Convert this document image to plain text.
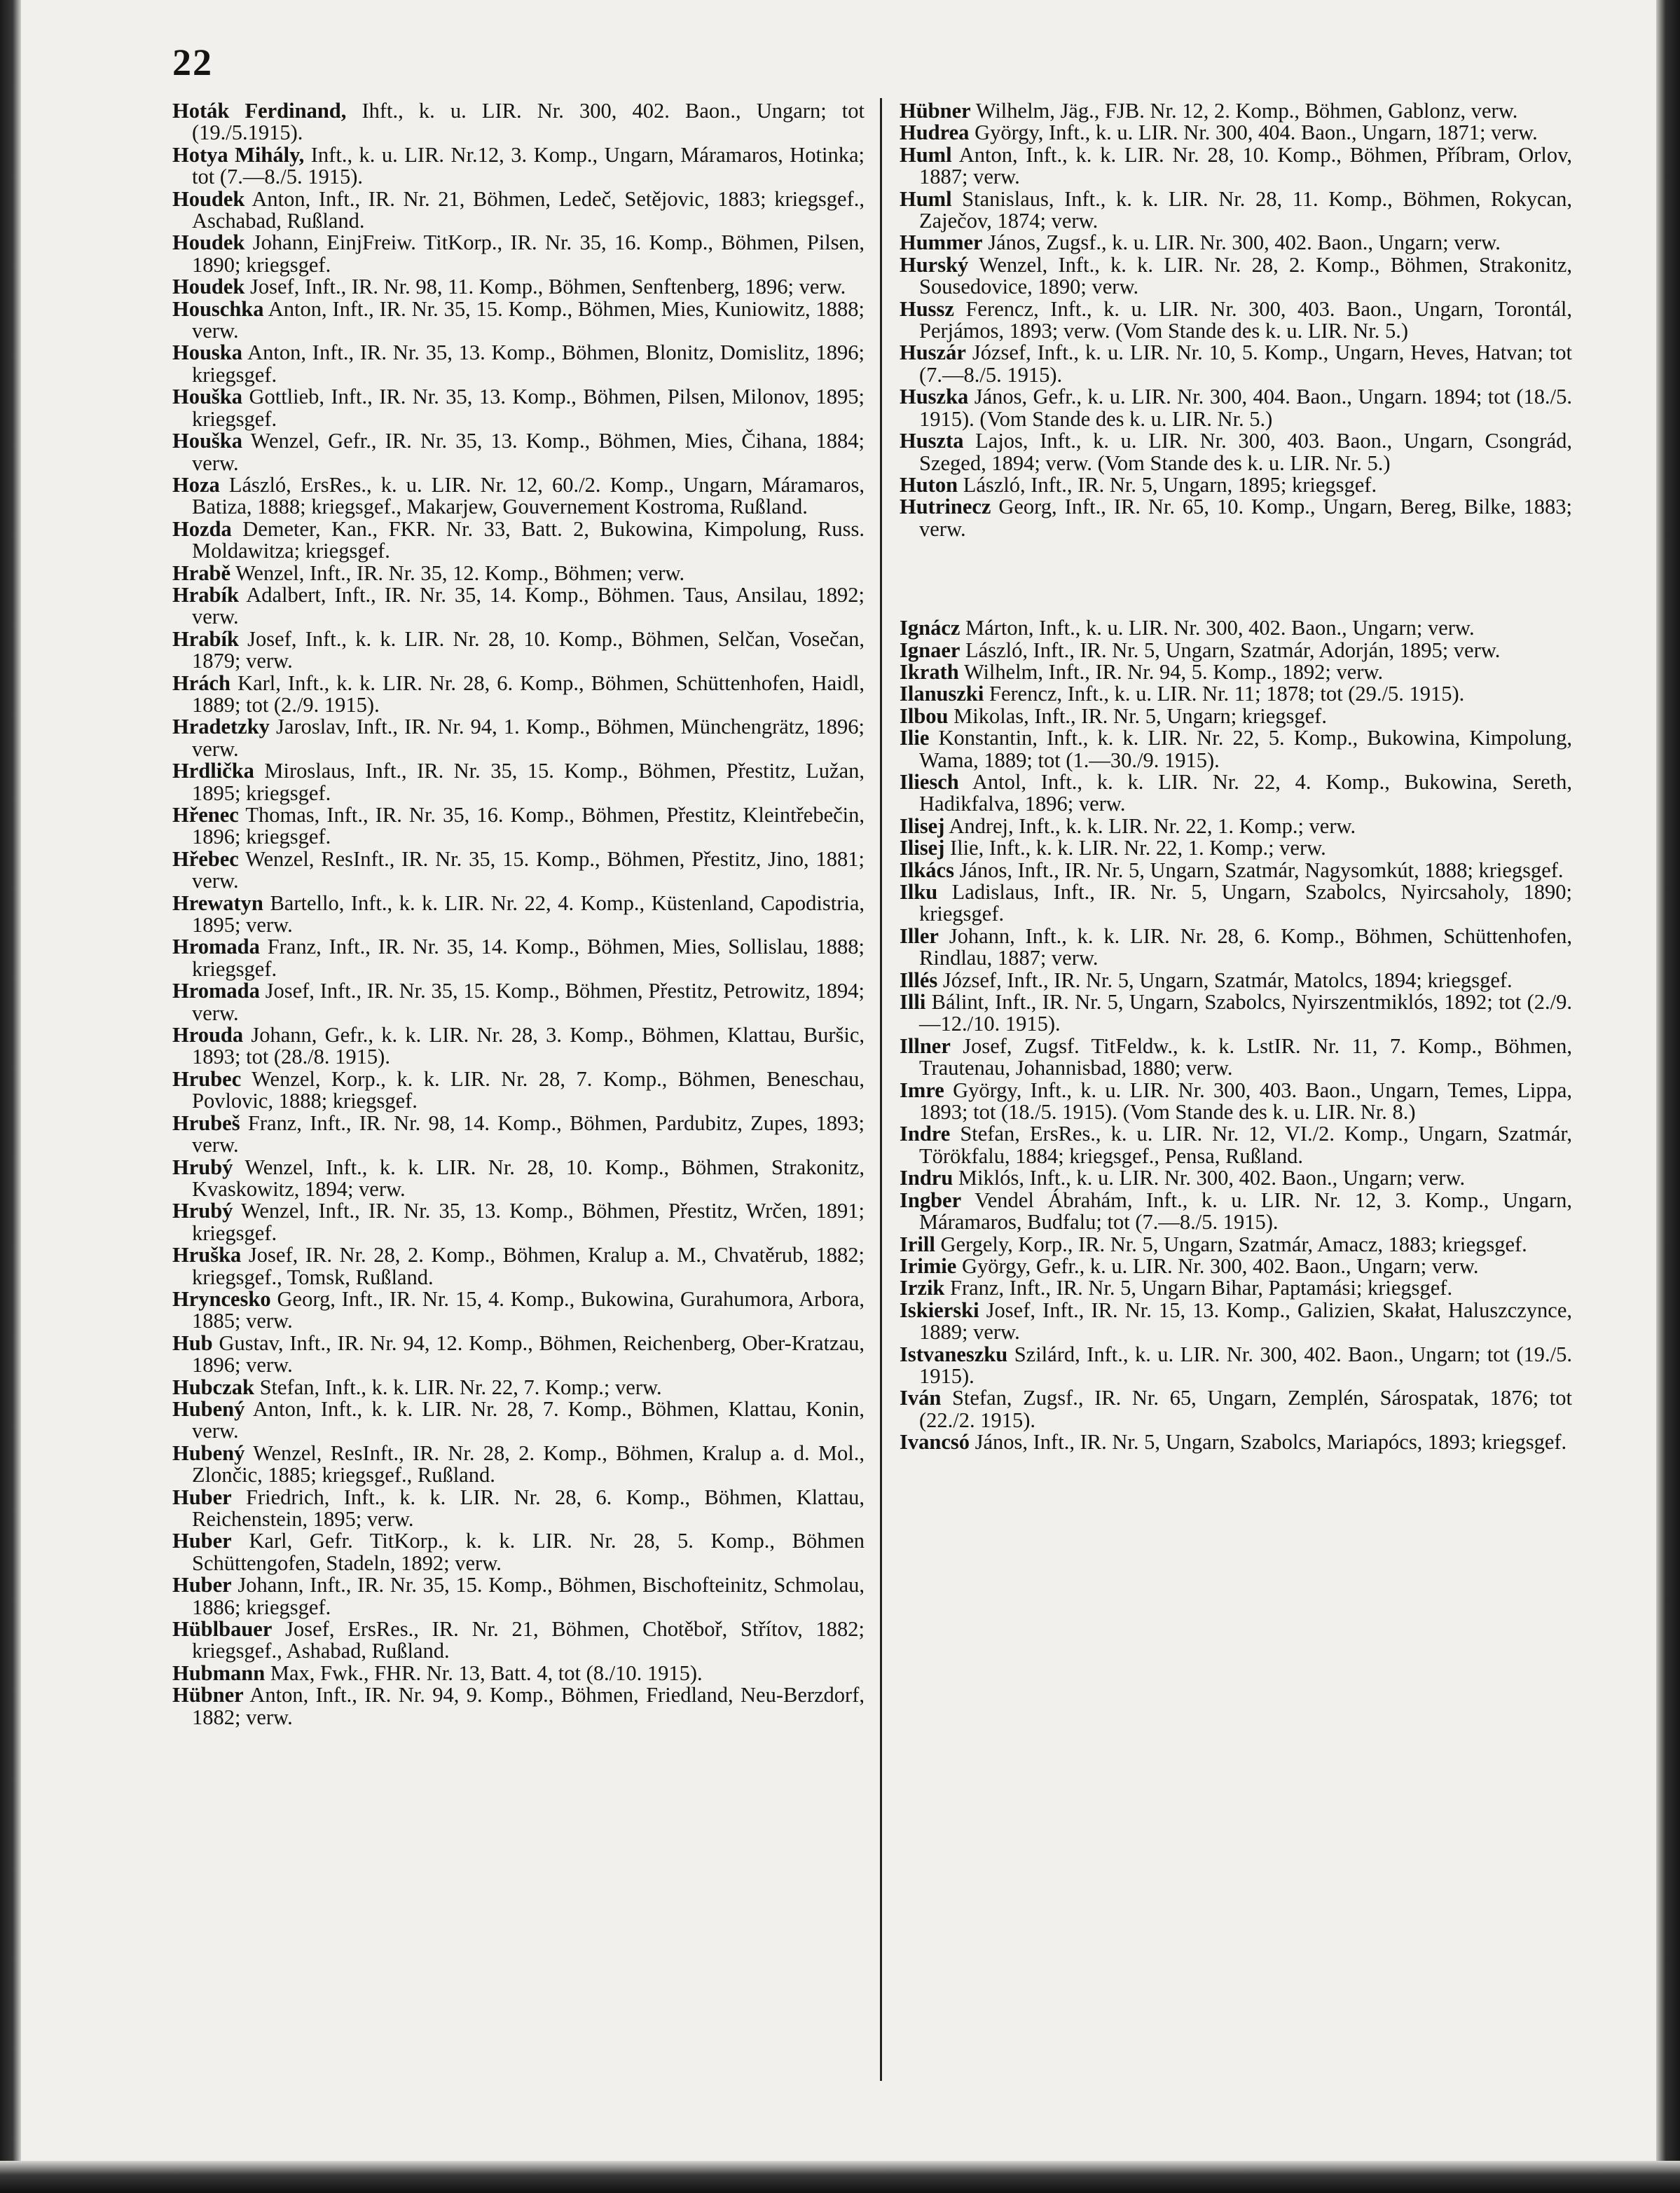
22
Hoták Ferdinand, Ihft., k. u. LIR. Nr. 300, 402. Baon., Ungarn; tot (19./5.1915).
Hotya Mihály, Inft., k. u. LIR. Nr.12, 3. Komp., Ungarn, Máramaros, Hotinka; tot (7.—8./5. 1915).
Houdek Anton, Inft., IR. Nr. 21, Böhmen, Ledeč, Setějovic, 1883; kriegsgef., Aschabad, Rußland.
Houdek Johann, EinjFreiw. TitKorp., IR. Nr. 35, 16. Komp., Böhmen, Pilsen, 1890; kriegsgef.
Houdek Josef, Inft., IR. Nr. 98, 11. Komp., Böhmen, Senftenberg, 1896; verw.
Houschka Anton, Inft., IR. Nr. 35, 15. Komp., Böhmen, Mies, Kuniowitz, 1888; verw.
Houska Anton, Inft., IR. Nr. 35, 13. Komp., Böhmen, Blonitz, Domislitz, 1896; kriegsgef.
Houška Gottlieb, Inft., IR. Nr. 35, 13. Komp., Böhmen, Pilsen, Milonov, 1895; kriegsgef.
Houška Wenzel, Gefr., IR. Nr. 35, 13. Komp., Böhmen, Mies, Čihana, 1884; verw.
Hoza László, ErsRes., k. u. LIR. Nr. 12, 60./2. Komp., Ungarn, Máramaros, Batiza, 1888; kriegsgef., Makarjew, Gouvernement Kostroma, Rußland.
Hozda Demeter, Kan., FKR. Nr. 33, Batt. 2, Bukowina, Kimpolung, Russ. Moldawitza; kriegsgef.
Hrabě Wenzel, Inft., IR. Nr. 35, 12. Komp., Böhmen; verw.
Hrabík Adalbert, Inft., IR. Nr. 35, 14. Komp., Böhmen. Taus, Ansilau, 1892; verw.
Hrabík Josef, Inft., k. k. LIR. Nr. 28, 10. Komp., Böhmen, Selčan, Vosečan, 1879; verw.
Hrách Karl, Inft., k. k. LIR. Nr. 28, 6. Komp., Böhmen, Schüttenhofen, Haidl, 1889; tot (2./9. 1915).
Hradetzky Jaroslav, Inft., IR. Nr. 94, 1. Komp., Böhmen, Münchengrätz, 1896; verw.
Hrdlička Miroslaus, Inft., IR. Nr. 35, 15. Komp., Böhmen, Přestitz, Lužan, 1895; kriegsgef.
Hřenec Thomas, Inft., IR. Nr. 35, 16. Komp., Böhmen, Přestitz, Kleintřebečin, 1896; kriegsgef.
Hřebec Wenzel, ResInft., IR. Nr. 35, 15. Komp., Böhmen, Přestitz, Jino, 1881; verw.
Hrewatyn Bartello, Inft., k. k. LIR. Nr. 22, 4. Komp., Küstenland, Capodistria, 1895; verw.
Hromada Franz, Inft., IR. Nr. 35, 14. Komp., Böhmen, Mies, Sollislau, 1888; kriegsgef.
Hromada Josef, Inft., IR. Nr. 35, 15. Komp., Böhmen, Přestitz, Petrowitz, 1894; verw.
Hrouda Johann, Gefr., k. k. LIR. Nr. 28, 3. Komp., Böhmen, Klattau, Buršic, 1893; tot (28./8. 1915).
Hrubec Wenzel, Korp., k. k. LIR. Nr. 28, 7. Komp., Böhmen, Beneschau, Povlovic, 1888; kriegsgef.
Hrubeš Franz, Inft., IR. Nr. 98, 14. Komp., Böhmen, Pardubitz, Zupes, 1893; verw.
Hrubý Wenzel, Inft., k. k. LIR. Nr. 28, 10. Komp., Böhmen, Strakonitz, Kvaskowitz, 1894; verw.
Hrubý Wenzel, Inft., IR. Nr. 35, 13. Komp., Böhmen, Přestitz, Wrčen, 1891; kriegsgef.
Hruška Josef, IR. Nr. 28, 2. Komp., Böhmen, Kralup a. M., Chvatěrub, 1882; kriegsgef., Tomsk, Rußland.
Hryncesko Georg, Inft., IR. Nr. 15, 4. Komp., Bukowina, Gurahumora, Arbora, 1885; verw.
Hub Gustav, Inft., IR. Nr. 94, 12. Komp., Böhmen, Reichenberg, Ober-Kratzau, 1896; verw.
Hubczak Stefan, Inft., k. k. LIR. Nr. 22, 7. Komp.; verw.
Hubený Anton, Inft., k. k. LIR. Nr. 28, 7. Komp., Böhmen, Klattau, Konin, verw.
Hubený Wenzel, ResInft., IR. Nr. 28, 2. Komp., Böhmen, Kralup a. d. Mol., Zlončic, 1885; kriegsgef., Rußland.
Huber Friedrich, Inft., k. k. LIR. Nr. 28, 6. Komp., Böhmen, Klattau, Reichenstein, 1895; verw.
Huber Karl, Gefr. TitKorp., k. k. LIR. Nr. 28, 5. Komp., Böhmen Schüttengofen, Stadeln, 1892; verw.
Huber Johann, Inft., IR. Nr. 35, 15. Komp., Böhmen, Bischofteinitz, Schmolau, 1886; kriegsgef.
Hüblbauer Josef, ErsRes., IR. Nr. 21, Böhmen, Chotěboř, Střítov, 1882; kriegsgef., Ashabad, Rußland.
Hubmann Max, Fwk., FHR. Nr. 13, Batt. 4, tot (8./10. 1915).
Hübner Anton, Inft., IR. Nr. 94, 9. Komp., Böhmen, Friedland, Neu-Berzdorf, 1882; verw.
Hübner Wilhelm, Jäg., FJB. Nr. 12, 2. Komp., Böhmen, Gablonz, verw.
Hudrea György, Inft., k. u. LIR. Nr. 300, 404. Baon., Ungarn, 1871; verw.
Huml Anton, Inft., k. k. LIR. Nr. 28, 10. Komp., Böhmen, Příbram, Orlov, 1887; verw.
Huml Stanislaus, Inft., k. k. LIR. Nr. 28, 11. Komp., Böhmen, Rokycan, Zaječov, 1874; verw.
Hummer János, Zugsf., k. u. LIR. Nr. 300, 402. Baon., Ungarn; verw.
Hurský Wenzel, Inft., k. k. LIR. Nr. 28, 2. Komp., Böhmen, Strakonitz, Sousedovice, 1890; verw.
Hussz Ferencz, Inft., k. u. LIR. Nr. 300, 403. Baon., Ungarn, Torontál, Perjámos, 1893; verw. (Vom Stande des k. u. LIR. Nr. 5.)
Huszár József, Inft., k. u. LIR. Nr. 10, 5. Komp., Ungarn, Heves, Hatvan; tot (7.—8./5. 1915).
Huszka János, Gefr., k. u. LIR. Nr. 300, 404. Baon., Ungarn. 1894; tot (18./5. 1915). (Vom Stande des k. u. LIR. Nr. 5.)
Huszta Lajos, Inft., k. u. LIR. Nr. 300, 403. Baon., Ungarn, Csongrád, Szeged, 1894; verw. (Vom Stande des k. u. LIR. Nr. 5.)
Huton László, Inft., IR. Nr. 5, Ungarn, 1895; kriegsgef.
Hutrinecz Georg, Inft., IR. Nr. 65, 10. Komp., Ungarn, Bereg, Bilke, 1883; verw.
Ignácz Márton, Inft., k. u. LIR. Nr. 300, 402. Baon., Ungarn; verw.
Ignaer László, Inft., IR. Nr. 5, Ungarn, Szatmár, Adorján, 1895; verw.
Ikrath Wilhelm, Inft., IR. Nr. 94, 5. Komp., 1892; verw.
Ilanuszki Ferencz, Inft., k. u. LIR. Nr. 11; 1878; tot (29./5. 1915).
Ilbou Mikolas, Inft., IR. Nr. 5, Ungarn; kriegsgef.
Ilie Konstantin, Inft., k. k. LIR. Nr. 22, 5. Komp., Bukowina, Kimpolung, Wama, 1889; tot (1.—30./9. 1915).
Iliesch Antol, Inft., k. k. LIR. Nr. 22, 4. Komp., Bukowina, Sereth, Hadikfalva, 1896; verw.
Ilisej Andrej, Inft., k. k. LIR. Nr. 22, 1. Komp.; verw.
Ilisej Ilie, Inft., k. k. LIR. Nr. 22, 1. Komp.; verw.
Ilkács János, Inft., IR. Nr. 5, Ungarn, Szatmár, Nagysomkút, 1888; kriegsgef.
Ilku Ladislaus, Inft., IR. Nr. 5, Ungarn, Szabolcs, Nyircsaholy, 1890; kriegsgef.
Iller Johann, Inft., k. k. LIR. Nr. 28, 6. Komp., Böhmen, Schüttenhofen, Rindlau, 1887; verw.
Illés József, Inft., IR. Nr. 5, Ungarn, Szatmár, Matolcs, 1894; kriegsgef.
Illi Bálint, Inft., IR. Nr. 5, Ungarn, Szabolcs, Nyirszentmiklós, 1892; tot (2./9.—12./10. 1915).
Illner Josef, Zugsf. TitFeldw., k. k. LstIR. Nr. 11, 7. Komp., Böhmen, Trautenau, Johannisbad, 1880; verw.
Imre György, Inft., k. u. LIR. Nr. 300, 403. Baon., Ungarn, Temes, Lippa, 1893; tot (18./5. 1915). (Vom Stande des k. u. LIR. Nr. 8.)
Indre Stefan, ErsRes., k. u. LIR. Nr. 12, VI./2. Komp., Ungarn, Szatmár, Törökfalu, 1884; kriegsgef., Pensa, Rußland.
Indru Miklós, Inft., k. u. LIR. Nr. 300, 402. Baon., Ungarn; verw.
Ingber Vendel Ábrahám, Inft., k. u. LIR. Nr. 12, 3. Komp., Ungarn, Máramaros, Budfalu; tot (7.—8./5. 1915).
Irill Gergely, Korp., IR. Nr. 5, Ungarn, Szatmár, Amacz, 1883; kriegsgef.
Irimie György, Gefr., k. u. LIR. Nr. 300, 402. Baon., Ungarn; verw.
Irzik Franz, Inft., IR. Nr. 5, Ungarn Bihar, Paptamási; kriegsgef.
Iskierski Josef, Inft., IR. Nr. 15, 13. Komp., Galizien, Skałat, Haluszczynce, 1889; verw.
Istvaneszku Szilárd, Inft., k. u. LIR. Nr. 300, 402. Baon., Ungarn; tot (19./5. 1915).
Iván Stefan, Zugsf., IR. Nr. 65, Ungarn, Zemplén, Sárospatak, 1876; tot (22./2. 1915).
Ivancsó János, Inft., IR. Nr. 5, Ungarn, Szabolcs, Mariapócs, 1893; kriegsgef.
